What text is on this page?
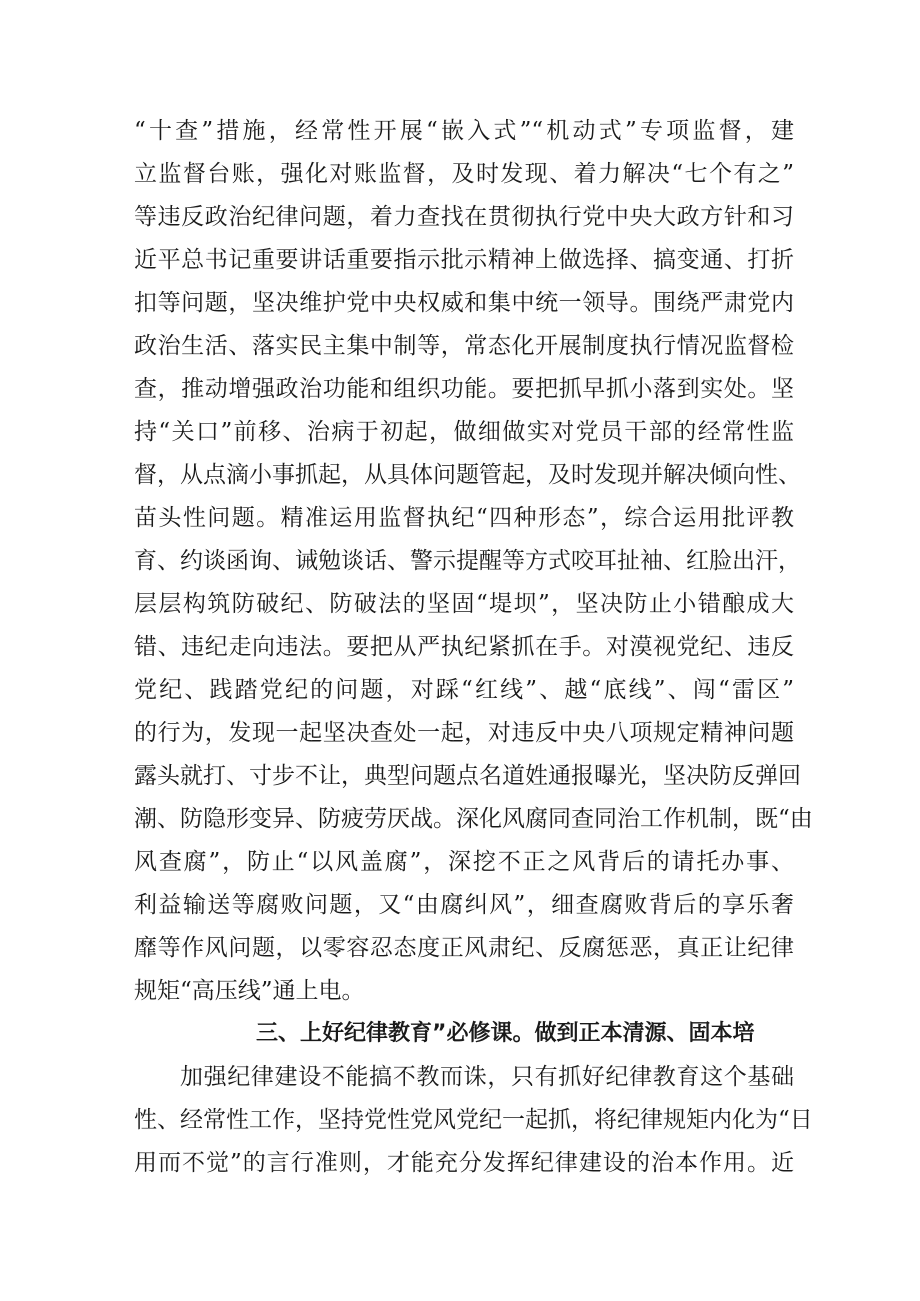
“十查”措施，经常性开展“嵌入式”“机动式”专项监督，建
立监督台账，强化对账监督，及时发现、着力解决“七个有之”
等违反政治纪律问题，着力查找在贯彻执行党中央大政方针和习
近平总书记重要讲话重要指示批示精神上做选择、搞变通、打折
扣等问题，坚决维护党中央权威和集中统一领导。围绕严肃党内
政治生活、落实民主集中制等，常态化开展制度执行情况监督检
查，推动增强政治功能和组织功能。要把抓早抓小落到实处。坚
持“关口”前移、治病于初起，做细做实对党员干部的经常性监
督，从点滴小事抓起，从具体问题管起，及时发现并解决倾向性、
苗头性问题。精准运用监督执纪“四种形态”，综合运用批评教
育、约谈函询、诫勉谈话、警示提醒等方式咬耳扯袖、红脸出汗，
层层构筑防破纪、防破法的坚固“堤坝”，坚决防止小错酿成大
错、违纪走向违法。要把从严执纪紧抓在手。对漠视党纪、违反
党纪、践踏党纪的问题，对踩“红线”、越“底线”、闯“雷区”
的行为，发现一起坚决查处一起，对违反中央八项规定精神问题
露头就打、寸步不让，典型问题点名道姓通报曝光，坚决防反弹回
潮、防隐形变异、防疲劳厌战。深化风腐同查同治工作机制，既“由
风查腐”，防止“以风盖腐”，深挖不正之风背后的请托办事、
利益输送等腐败问题，又“由腐纠风”，细查腐败背后的享乐奢
靡等作风问题，以零容忍态度正风肃纪、反腐惩恶，真正让纪律
规矩“高压线”通上电。
三、上好纪律教育”必修课。做到正本清源、固本培
加强纪律建设不能搞不教而诛，只有抓好纪律教育这个基础
性、经常性工作，坚持党性党风党纪一起抓，将纪律规矩内化为“日
用而不觉”的言行准则，才能充分发挥纪律建设的治本作用。近
